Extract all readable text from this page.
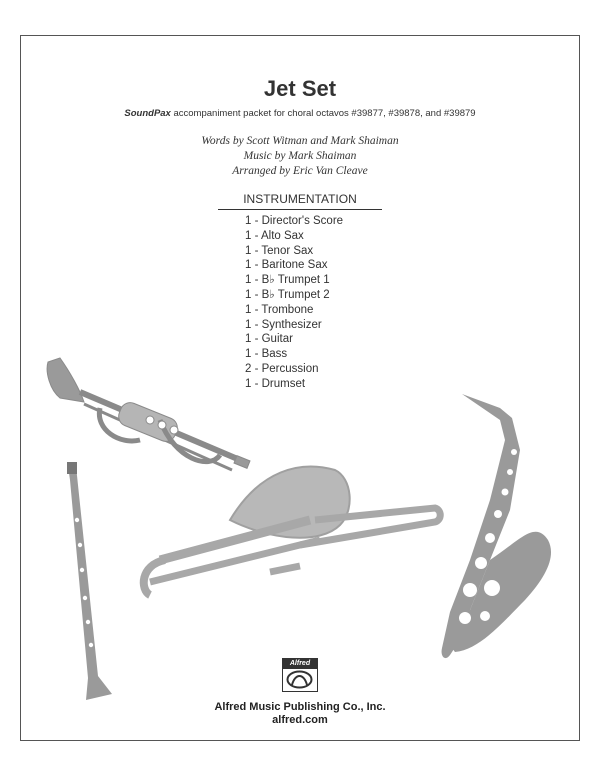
Jet Set
SoundPax accompaniment packet for choral octavos #39877, #39878, and #39879
Words by Scott Witman and Mark Shaiman
Music by Mark Shaiman
Arranged by Eric Van Cleave
INSTRUMENTATION
1 - Director's Score
1 - Alto Sax
1 - Tenor Sax
1 - Baritone Sax
1 - B♭ Trumpet 1
1 - B♭ Trumpet 2
1 - Trombone
1 - Synthesizer
1 - Guitar
1 - Bass
2 - Percussion
1 - Drumset
Alfred
Alfred Music Publishing Co., Inc.
alfred.com
